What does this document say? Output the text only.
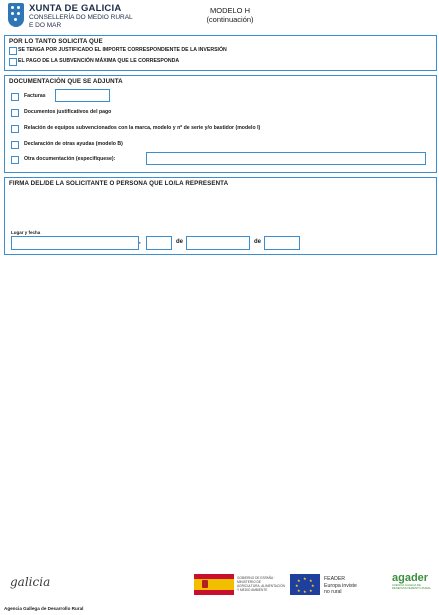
XUNTA DE GALICIA
CONSELLERÍA DO MEDIO RURAL
E DO MAR
MODELO H
(continuación)
POR LO TANTO SOLICITA QUE
SE TENGA POR JUSTIFICADO EL IMPORTE CORRESPONDIENTE DE LA INVERSIÓN
EL PAGO DE LA SUBVENCIÓN MÁXIMA QUE LE CORRESPONDA
DOCUMENTACIÓN QUE SE ADJUNTA
Facturas
Documentos justificativos del pago
Relación de equipos subvencionados con la marca, modelo y nº de serie y/o bastidor (modelo I)
Declaración de otras ayudas (modelo B)
Otra documentación (especifíquese):
FIRMA DEL/DE LA SOLICITANTE O PERSONA QUE LO/LA REPRESENTA
Lugar y fecha
,	de	de
galicia	GOBIERNO DE ESPAÑA · MINISTERIO DE AGRICULTURA, ALIMENTACIÓN Y MEDIO AMBIENTE
★ ★
★
★
★
★
★
★	FEADER
Europa inviste
no rural
agader
AXENCIA GALEGA DE DESENVOLVEMENTO RURAL
Agencia Gallega de Desarrollo Rural
